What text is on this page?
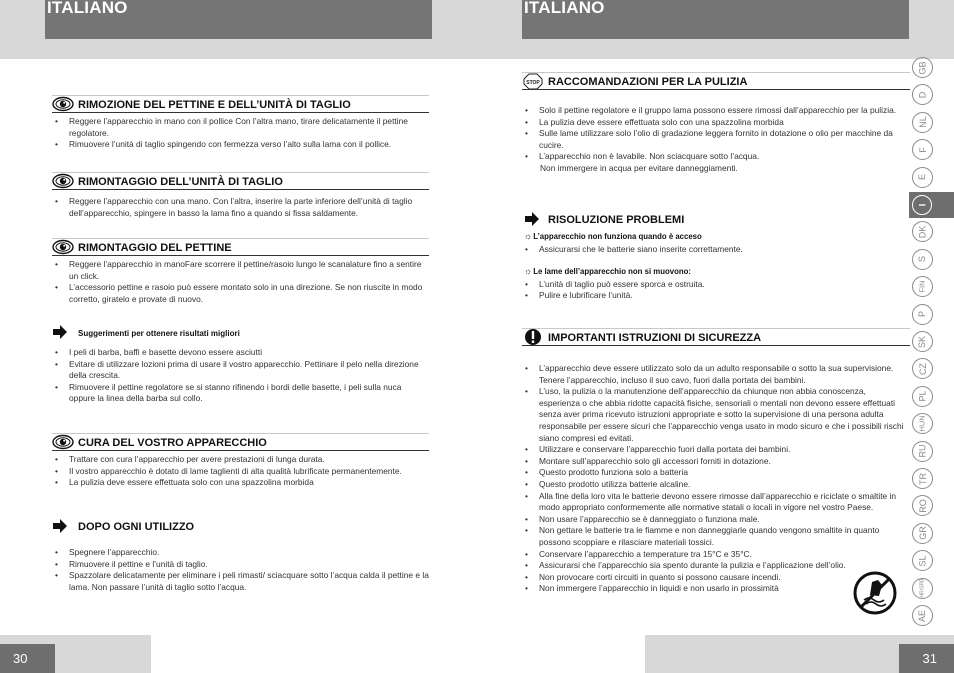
ITALIANO	ITALIANO
RIMOZIONE DEL PETTINE E DELL’UNITÀ DI TAGLIO
• Reggere l’apparecchio in mano con il pollice Con l’altra mano, tirare delicatamente il pettine regolatore.
• Rimuovere l’unità di taglio spingendo con fermezza verso l’alto sulla lama con il pollice.
RIMONTAGGIO DELL’UNITÀ DI TAGLIO
• Reggere l’apparecchio con una mano. Con l’altra, inserire la parte inferiore dell’unità di taglio dell’apparecchio, spingere in basso la lama fino a quando si fissa saldamente.
RIMONTAGGIO DEL PETTINE
• Reggere l’apparecchio in manoFare scorrere il pettine/rasoio lungo le scanalature fino a sentire un click.
• L’accessorio pettine e rasoio può essere montato solo in una direzione. Se non riuscite in modo corretto, giratelo e provate di nuovo.
Suggerimenti per ottenere risultati migliori
• I peli di barba, baffi e basette devono essere asciutti
• Evitare di utilizzare lozioni prima di usare il vostro apparecchio. Pettinare il pelo nella direzione della crescita.
• Rimuovere il pettine regolatore se si stanno rifinendo i bordi delle basette, i peli sulla nuca oppure la linea della barba sul collo.
CURA DEL VOSTRO APPARECCHIO
• Trattare con cura l’apparecchio per avere prestazioni di lunga durata.
• Il vostro apparecchio è dotato di lame taglienti di alta qualità lubrificate permanentemente.
• La pulizia deve essere effettuata solo con una spazzolina morbida
DOPO OGNI UTILIZZO
• Spegnere l’apparecchio.
• Rimuovere il pettine e l’unità di taglio.
• Spazzolare delicatamente per eliminare i peli rimasti/ sciacquare sotto l’acqua calda il pettine e la lama. Non passare l’unità di taglio sotto l’acqua.
STOP RACCOMANDAZIONI PER LA PULIZIA
• Solo il pettine regolatore e il gruppo lama possono essere rimossi dall’apparecchio per la pulizia.
• La pulizia deve essere effettuata solo con una spazzolina morbida
• Sulle lame utilizzare solo l’olio di gradazione leggera fornito in dotazione o olio per macchine da cucire.
• L’apparecchio non è lavabile. Non sciacquare sotto l’acqua.
Non immergere in acqua per evitare danneggiamenti.
RISOLUZIONE PROBLEMI
☼L’apparecchio non funziona quando è acceso
• Assicurarsi che le batterie siano inserite correttamente.
☼Le lame dell’apparecchio non si muovono:
• L’unità di taglio può essere sporca e ostruita.
• Pulire e lubrificare l’unità.
IMPORTANTI ISTRUZIONI DI SICUREZZA
• L’apparecchio deve essere utilizzato solo da un adulto responsabile o sotto la sua supervisione. Tenere l’apparecchio, incluso il suo cavo, fuori dalla portata dei bambini.
• L’uso, la pulizia o la manutenzione dell’apparecchio da chiunque non abbia conoscenza, esperienza o che abbia ridotte capacità fisiche, sensoriali o mentali non devono essere effettuati senza aver prima ricevuto istruzioni appropriate e sotto la supervisione di una persona adulta responsabile per essere sicuri che l’apparecchio venga usato in modo sicuro e che i possibili rischi siano compresi ed evitati.
• Utilizzare e conservare l’apparecchio fuori dalla portata dei bambini.
• Montare sull’apparecchio solo gli accessori forniti in dotazione.
• Questo prodotto funziona solo a batteria
• Questo prodotto utilizza batterie alcaline.
• Alla fine della loro vita le batterie devono essere rimosse dall’apparecchio e riciclate o smaltite in modo appropriato conformemente alle normative statali o locali in vigore nel vostro Paese.
• Non usare l’apparecchio se è danneggiato o funziona male.
• Non gettare le batterie tra le fiamme e non danneggiarle quando vengono smaltite in quanto possono scoppiare e rilasciare materiali tossici.
• Conservare l’apparecchio a temperature tra 15°C e 35°C.
• Assicurarsi che l’apparecchio sia spento durante la pulizia e l’applicazione dell’olio.
• Non provocare corti circuiti in quanto si possono causare incendi.
• Non immergere l’apparecchio in liquidi e non usarlo in prossimità
GB
D
NL
F
E
I
DK
S
FIN
P
SK
CZ
PL
HUN
RU
TR
RO
GR
SL
HR/SRB
AE
30	31
